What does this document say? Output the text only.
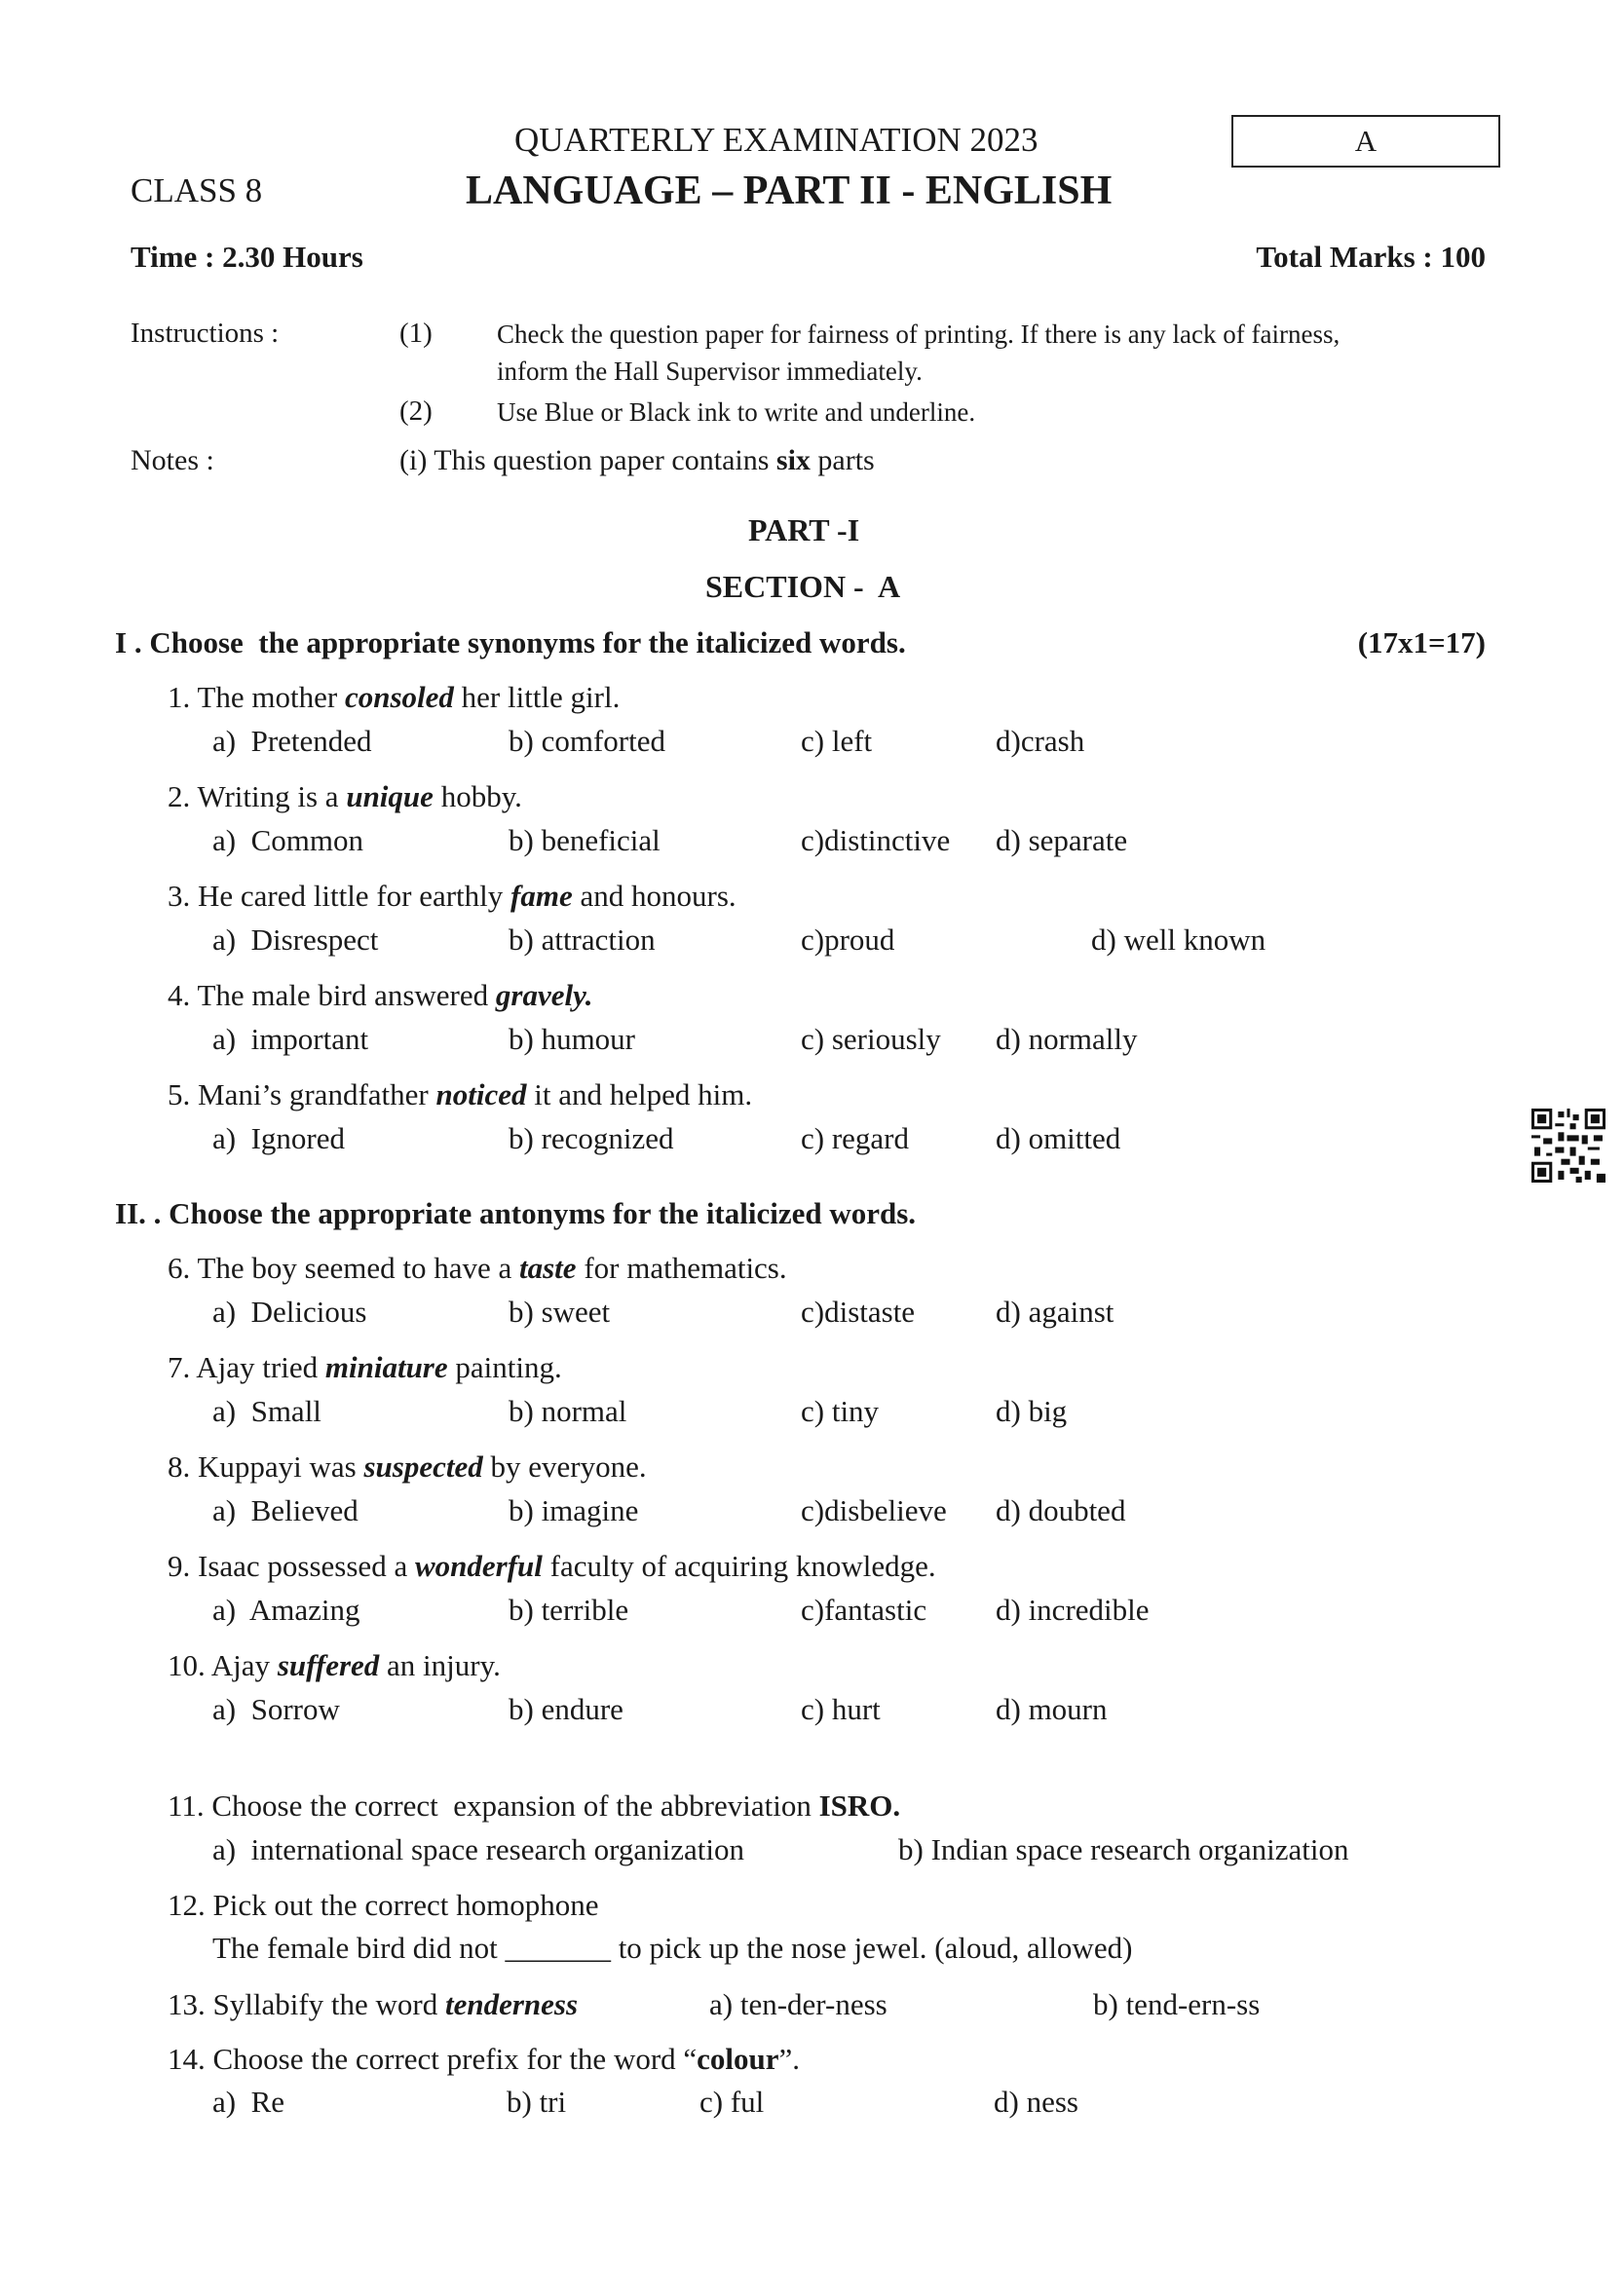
QUARTERLY EXAMINATION 2023	A
CLASS 8	LANGUAGE – PART II - ENGLISH
Time : 2.30 Hours	Total Marks : 100
Instructions :	(1) Check the question paper for fairness of printing. If there is any lack of fairness,
inform the Hall Supervisor immediately.
(2) Use Blue or Black ink to write and underline.
Notes :	(i) This question paper contains six parts
PART -I
SECTION -  A
I . Choose  the appropriate synonyms for the italicized words.	(17x1=17)
1. The mother consoled her little girl.
a)  Pretended	b) comforted	c) left	d)crash
2. Writing is a unique hobby.
a)  Common	b) beneficial	c)distinctive d) separate
3. He cared little for earthly fame and honours.
a)  Disrespect	b) attraction	c)proud	d) well known
4. The male bird answered gravely.
a)  important	b) humour	c) seriously d) normally
5. Mani’s grandfather noticed it and helped him.
a)  Ignored	b) recognized	c) regard	d) omitted
II. . Choose the appropriate antonyms for the italicized words.
6. The boy seemed to have a taste for mathematics.
a)  Delicious	b) sweet	c)distaste	d) against
7. Ajay tried miniature painting.
a)  Small	b) normal	c) tiny	d) big
8. Kuppayi was suspected by everyone.
a)  Believed	b) imagine	c)disbelieve d) doubted
9. Isaac possessed a wonderful faculty of acquiring knowledge.
a)  Amazing	b) terrible	c)fantastic d) incredible
10. Ajay suffered an injury.
a)  Sorrow	b) endure	c) hurt	d) mourn
11. Choose the correct  expansion of the abbreviation ISRO.
a)  international space research organization	b) Indian space research organization
12. Pick out the correct homophone
The female bird did not _______ to pick up the nose jewel. (aloud, allowed)
13. Syllabify the word tenderness	a) ten-der-ness	b) tend-ern-ss
14. Choose the correct prefix for the word “colour”.
a)  Re	b) tri	c) ful	d) ness
